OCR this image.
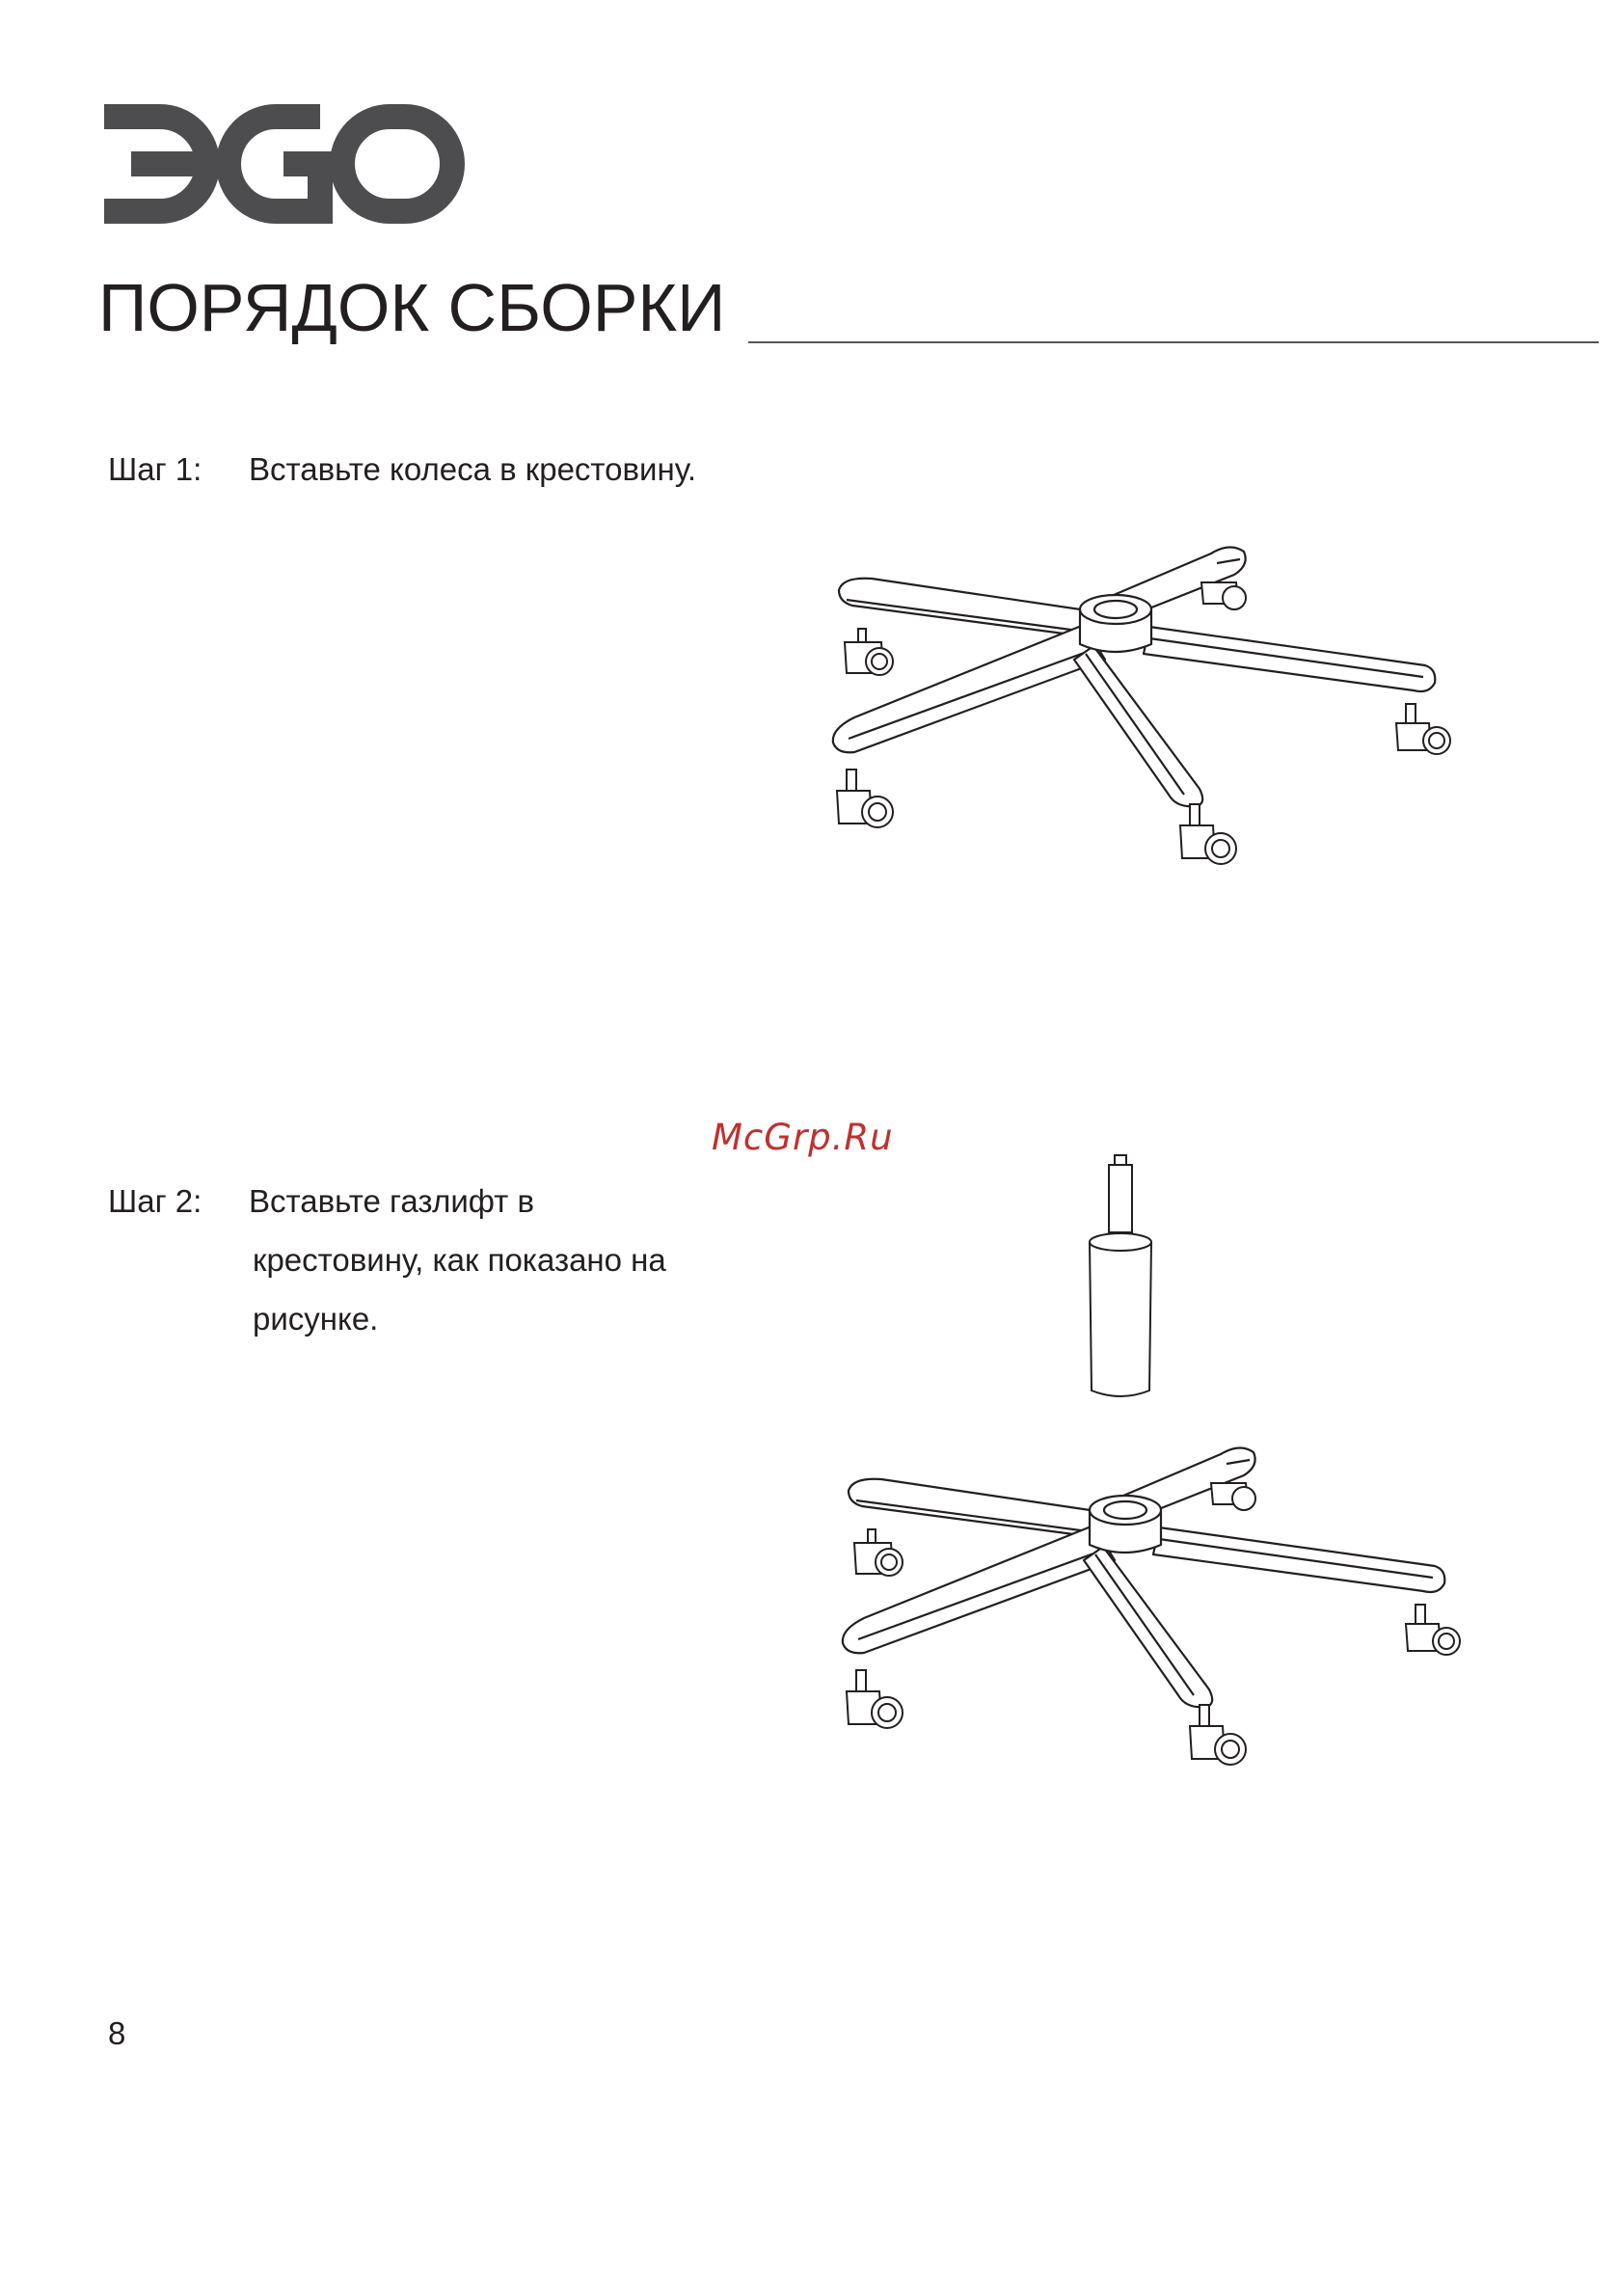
ПОРЯДОК СБОРКИ
Шаг 1: Вставьте колеса в крестовину.
McGrp.Ru
Шаг 2: Вставьте газлифт в
крестовину, как показано на
рисунке.
8
